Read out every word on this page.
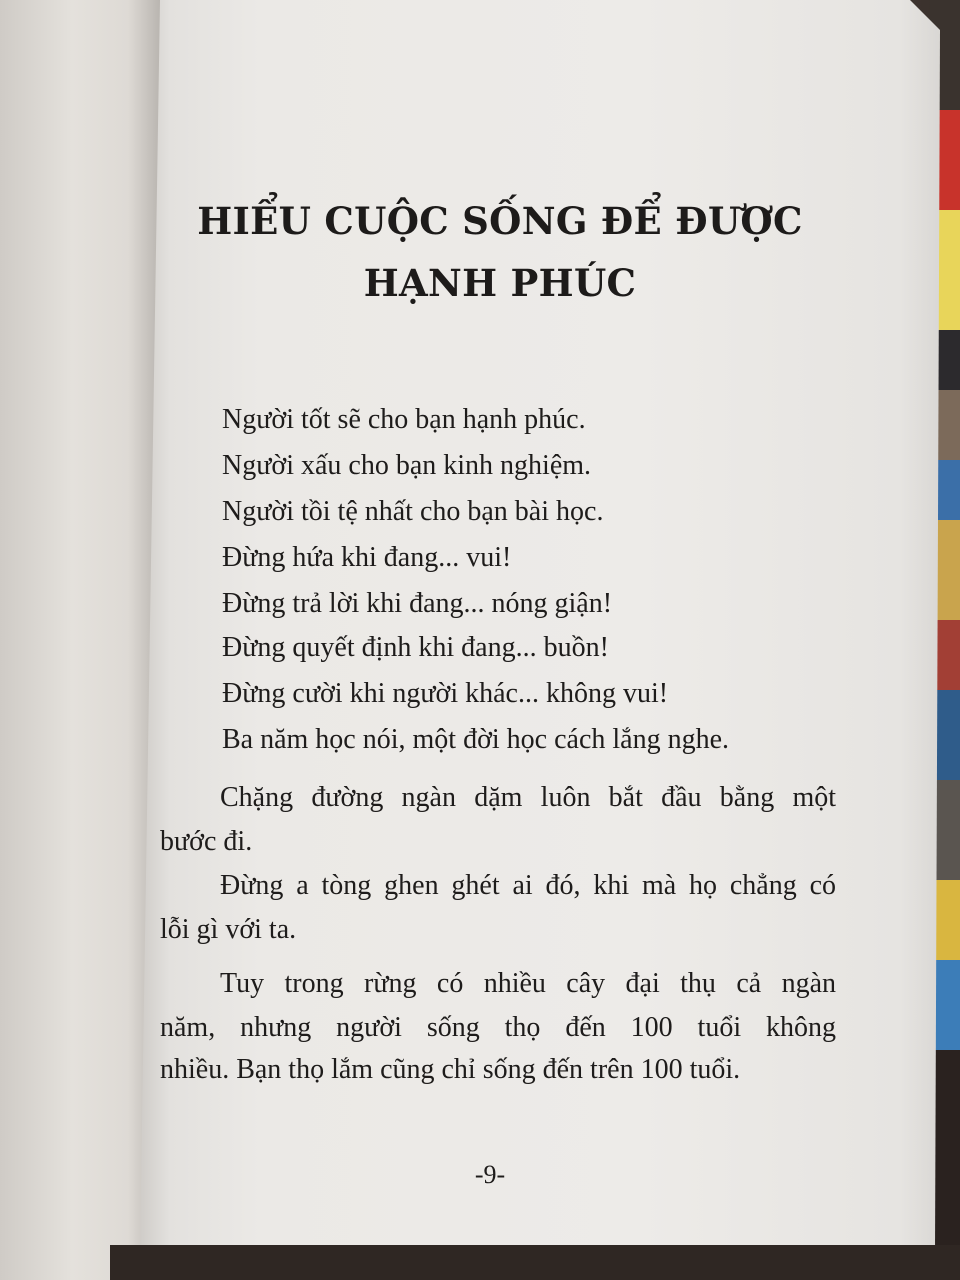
HIỂU CUỘC SỐNG ĐỂ ĐƯỢC
HẠNH PHÚC
Người tốt sẽ cho bạn hạnh phúc.
Người xấu cho bạn kinh nghiệm.
Người tồi tệ nhất cho bạn bài học.
Đừng hứa khi đang... vui!
Đừng trả lời khi đang... nóng giận!
Đừng quyết định khi đang... buồn!
Đừng cười khi người khác... không vui!
Ba năm học nói, một đời học cách lắng nghe.
Chặng đường ngàn dặm luôn bắt đầu bằng một
bước đi.
Đừng a tòng ghen ghét ai đó, khi mà họ chẳng có
lỗi gì với ta.
Tuy trong rừng có nhiều cây đại thụ cả ngàn
năm, nhưng người sống thọ đến 100 tuổi không
nhiều. Bạn thọ lắm cũng chỉ sống đến trên 100 tuổi.
-9-
